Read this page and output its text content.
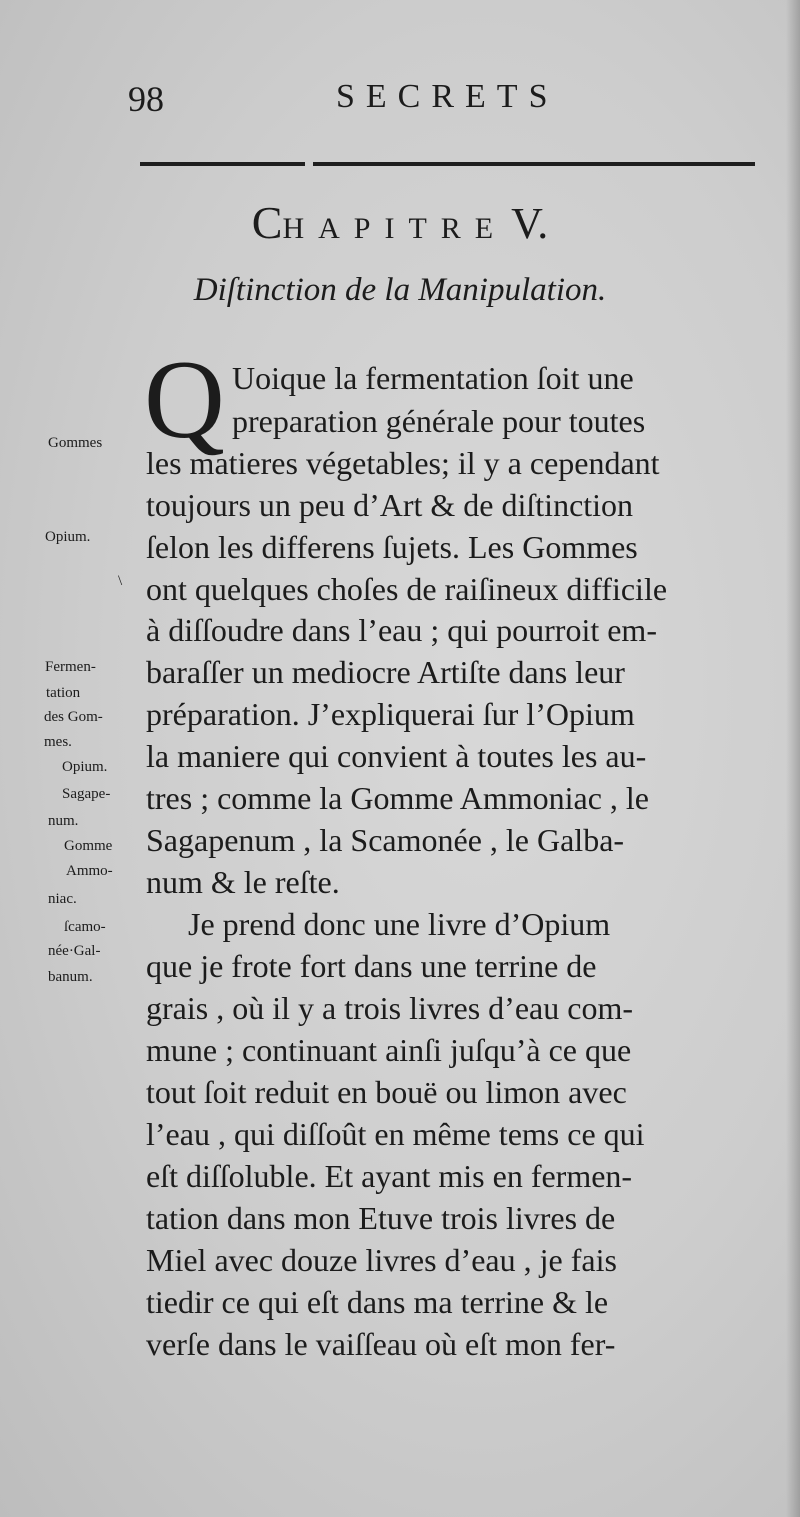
98	SECRETS
CHAPITREV.
Diſtinction de la Manipulation.
Q Uoique la fermentation ſoit une
preparation générale pour toutes
les matieres végetables; il y a cependant
toujours un peu d’Art & de diſtinction
ſelon les differens ſujets. Les Gommes
ont quelques choſes de raiſineux difficile
à diſſoudre dans l’eau ; qui pourroit em-
baraſſer un mediocre Artiſte dans leur
préparation. J’expliquerai ſur l’Opium
la maniere qui convient à toutes les au-
tres ; comme la Gomme Ammoniac , le
Sagapenum , la Scamonée , le Galba-
num & le reſte.
Je prend donc une livre d’Opium
que je frote fort dans une terrine de
grais , où il y a trois livres d’eau com-
mune ; continuant ainſi juſqu’à ce que
tout ſoit reduit en bouë ou limon avec
l’eau , qui diſſoût en même tems ce qui
eſt diſſoluble. Et ayant mis en fermen-
tation dans mon Etuve trois livres de
Miel avec douze livres d’eau , je fais
tiedir ce qui eſt dans ma terrine & le
verſe dans le vaiſſeau où eſt mon fer-
Gommes
Opium.
\
Fermen-
tation
des Gom-
mes.
Opium.
Sagape-
num.
Gomme
Ammo-
niac.
ſcamo-
née·Gal-
banum.
